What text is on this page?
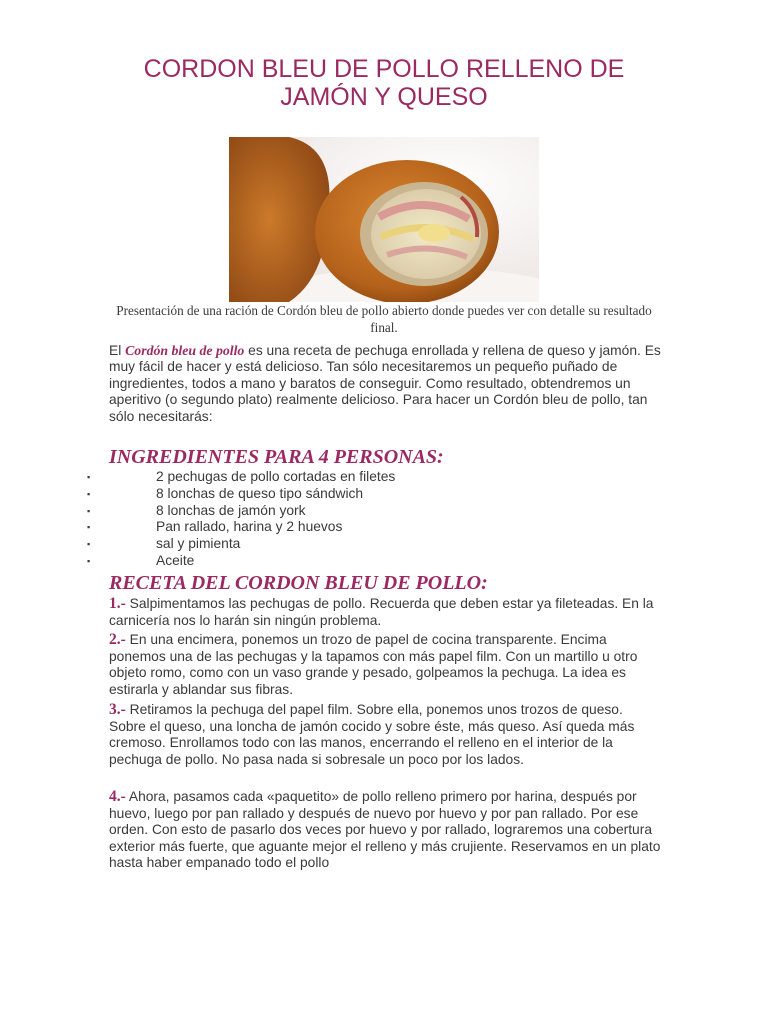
CORDON BLEU DE POLLO RELLENO DE JAMÓN Y QUESO
Presentación de una ración de Cordón bleu de pollo abierto donde puedes ver con detalle su resultado final.
El Cordón bleu de pollo es una receta de pechuga enrollada y rellena de queso y jamón. Es muy fácil de hacer y está delicioso. Tan sólo necesitaremos un pequeño puñado de ingredientes, todos a mano y baratos de conseguir. Como resultado, obtendremos un aperitivo (o segundo plato) realmente delicioso. Para hacer un Cordón bleu de pollo, tan sólo necesitarás:
INGREDIENTES PARA 4 PERSONAS:
▪	2 pechugas de pollo cortadas en filetes
▪	8 lonchas de queso tipo sándwich
▪	8 lonchas de jamón york
▪	Pan rallado, harina y 2 huevos
▪	sal y pimienta
▪	Aceite
RECETA DEL CORDON BLEU DE POLLO:
1.- Salpimentamos las pechugas de pollo. Recuerda que deben estar ya fileteadas. En la carnicería nos lo harán sin ningún problema.
2.- En una encimera, ponemos un trozo de papel de cocina transparente. Encima ponemos una de las pechugas y la tapamos con más papel film. Con un martillo u otro objeto romo, como con un vaso grande y pesado, golpeamos la pechuga. La idea es estirarla y ablandar sus fibras.
3.- Retiramos la pechuga del papel film. Sobre ella, ponemos unos trozos de queso. Sobre el queso, una loncha de jamón cocido y sobre éste, más queso. Así queda más cremoso. Enrollamos todo con las manos, encerrando el relleno en el interior de la pechuga de pollo. No pasa nada si sobresale un poco por los lados.
4.- Ahora, pasamos cada «paquetito» de pollo relleno primero por harina, después por huevo, luego por pan rallado y después de nuevo por huevo y por pan rallado. Por ese orden. Con esto de pasarlo dos veces por huevo y por rallado, lograremos una cobertura exterior más fuerte, que aguante mejor el relleno y más crujiente. Reservamos en un plato hasta haber empanado todo el pollo
